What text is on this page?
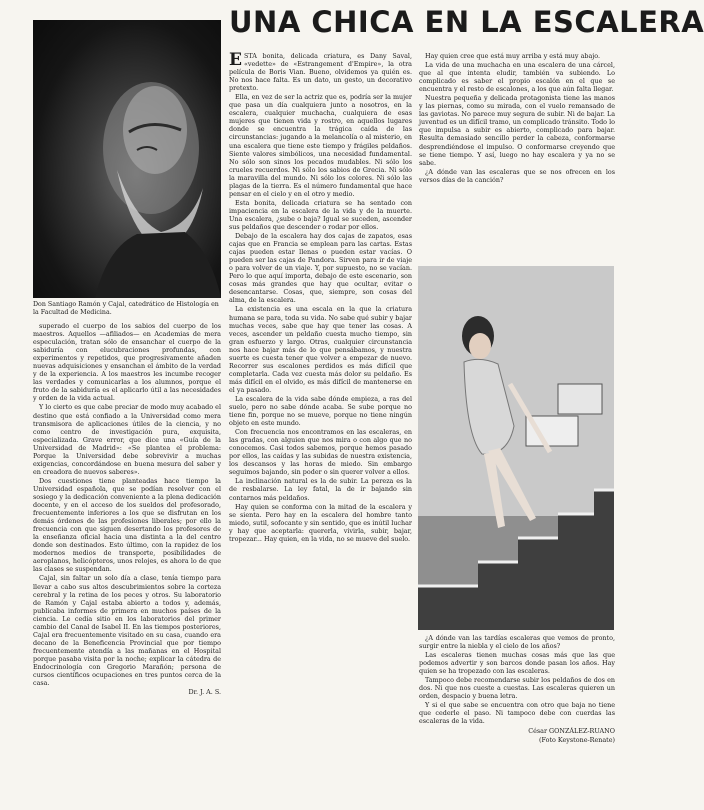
Don Santiago Ramón y Cajal, catedrático de Histología en la Facultad de Medicina.

superado el cuerpo de los sabios del cuerpo de los maestros. Aquellos —afiliados— en Academias de mera especulación, tratan sólo de ensanchar el cuerpo de la sabiduría con elucubraciones profundas, con experimentos y repetidos, que progresivamente añaden nuevas adquisiciones y ensanchan el ámbito de la verdad y de la experiencia. A los maestros les incumbe recoger las verdades y comunicarlas a los alumnos, porque el fruto de la sabiduría es el aplicarlo útil a las necesidades y orden de la vida actual.

Y lo cierto es que cabe preciar de modo muy acabado el destino que está confiado a la Universidad como mera transmisora de aplicaciones útiles de la ciencia, y no como centro de investigación pura, exquisita, especializada. Grave error, que dice una «Guía de la Universidad de Madrid»: «Se plantea el problema: Porque la Universidad debe sobrevivir a muchas exigencias, concordándose en buena mesura del saber y en creadora de nuevos saberes».

Dos cuestiones tiene planteadas hace tiempo la Universidad española, que se podían resolver con el sosiego y la dedicación conveniente a la plena dedicación docente, y en el acceso de los sueldos del profesorado, frecuentemente inferiores a los que se disfrutan en los demás órdenes de las profesiones liberales; por ello la frecuencia con que siguen desertando los profesores de la enseñanza oficial hacia una distinta a la del centro donde son destinados. Esto último, con la rapidez de los modernos medios de transporte, posibilidades de aeroplanos, helicópteros, unos relojes, es ahora lo de que las clases se suspendan.

Cajal, sin faltar un solo día a clase, tenía tiempo para llevar a cabo sus altos descubrimientos sobre la corteza cerebral y la retina de los peces y otros. Su laboratorio de Ramón y Cajal estaba abierto a todos y, además, publicaba informes de primera en muchos países de la ciencia. Le cedía sitio en los laboratorios del primer cambio del Canal de Isabel II. En las tiempos posteriores, Cajal era frecuentemente visitado en su casa, cuando era decano de la Beneficencia Provincial que por tiempo frecuentemente atendía a las mañanas en el Hospital porque pasaba visita por la noche; explicar la cátedra de Endocrinología con Gregorio Marañón; persona de cursos científicos ocupaciones en tres puntos cerca de la casa.

Dr. J. A. S.

UNA CHICA EN LA ESCALERA

ESTA bonita, delicada criatura, es Dany Saval, «vedette» de «Estrangement d'Empire», la otra película de Boris Vian. Bueno, olvidemos ya quién es. No nos hace falta. Es un dato, un gesto, un decorativo pretexto.

Ella, en vez de ser la actriz que es, podría ser la mujer que pasa un día cualquiera junto a nosotros, en la escalera, cualquier muchacha, cualquiera de esas mujeres que tienen vida y rostro, en aquellos lugares donde se encuentra la trágica caída de las circunstancias: jugando a la melancolía o al misterio, en una escalera que tiene este tiempo y frágiles peldaños. Siente valores simbólicos, una necesidad fundamental. No sólo son sinos los pecados mudables. Ni sólo los crueles recuerdos. Ni sólo los sabios de Grecia. Ni sólo la maravilla del mundo. Ni sólo los colores. Ni sólo las plagas de la tierra. Es el número fundamental que hace pensar en el cielo y en el otro y medio.

Esta bonita, delicada criatura se ha sentado con impaciencia en la escalera de la vida y de la muerte. Una escalera, ¿sube o baja? Igual se suceden, ascender sus peldaños que descender o rodar por ellos.

Debajo de la escalera hay dos cajas de zapatos, esas cajas que en Francia se emplean para las cartas. Estas cajas pueden estar llenas o pueden estar vacías. O pueden ser las cajas de Pandora. Sirven para ir de viaje o para volver de un viaje. Y, por supuesto, no se vacían. Pero lo que aquí importa, debajo de este escenario, son cosas más grandes que hay que ocultar, evitar o desencantarse. Cosas, que, siempre, son cosas del alma, de la escalera.

La existencia es una escala en la que la criatura humana se para, toda su vida. No sabe qué subir y bajar muchas veces, sabe que hay que tener las cosas. A veces, ascender un peldaño cuesta mucho tiempo, sin gran esfuerzo y largo. Otras, cualquier circunstancia nos hace bajar más de lo que pensábamos, y nuestra suerte es cuesta tener que volver a empezar de nuevo. Recorrer sus escalones perdidos es más difícil que completarla. Cada vez cuesta más dolor su peldaño. Es más difícil en el olvido, es más difícil de mantenerse en el ya pasado.

La escalera de la vida sabe dónde empieza, a ras del suelo, pero no sabe dónde acaba. Se sube porque no tiene fin, porque no se mueve, porque no tiene ningún objeto en este mundo.

Con frecuencia nos encontramos en las escaleras, en las gradas, con alguien que nos mira o con algo que no conocemos. Casi todos sabemos, porque hemos pasado por ellos, las caídas y las subidas de nuestra existencia, los descansos y las horas de miedo. Sin embargo seguimos bajando, sin poder o sin querer volver a ellos.

La inclinación natural es la de subir. La pereza es la de resbalarse. La ley fatal, la de ir bajando sin contarnos más peldaños.

Hay quien se conforma con la mitad de la escalera y se sienta. Pero hay en la escalera del hombre tanto miedo, sutil, sofocante y sin sentido, que es inútil luchar y hay que aceptarla: quererla, vivirla, subir, bajar, tropezar... Hay quien, en la vida, no se mueve del suelo.

Hay quien cree que está muy arriba y está muy abajo.

La vida de una muchacha en una escalera de una cárcel, que al que intenta eludir, también va subiendo. Lo complicado es saber el propio escalón en el que se encuentra y el resto de escalones, a los que aún falta llegar.

Nuestra pequeña y delicada protagonista tiene las manos y las piernas, como su mirada, con el vuelo remansado de las gaviotas. No parece muy segura de subir. Ni de bajar. La juventud es un difícil tramo, un complicado tránsito. Todo lo que impulsa a subir es abierto, complicado para bajar. Resulta demasiado sencillo perder la cabeza, conformarse desprendiéndose el impulso. O conformarse creyendo que se tiene tiempo. Y así, luego no hay escalera y ya no se sabe.

¿A dónde van las escaleras que se nos ofrecen en los versos días de la canción?

¿A dónde van las tardías escaleras que vemos de pronto, surgir entre la niebla y el cielo de los años?

Las escaleras tienen muchas cosas más que las que podemos advertir y son barcos donde pasan los años. Hay quien se ha tropezado con las escaleras.

Tampoco debe recomendarse subir los peldaños de dos en dos. Ni que nos cueste a cuestas. Las escaleras quieren un orden, despacio y buena letra.

Y si el que sabe se encuentra con otro que baja no tiene que cederle el paso. Ni tampoco debe con cuerdas las escaleras de la vida.

César GONZÁLEZ-RUANO

(Foto Keystone-Renate)
